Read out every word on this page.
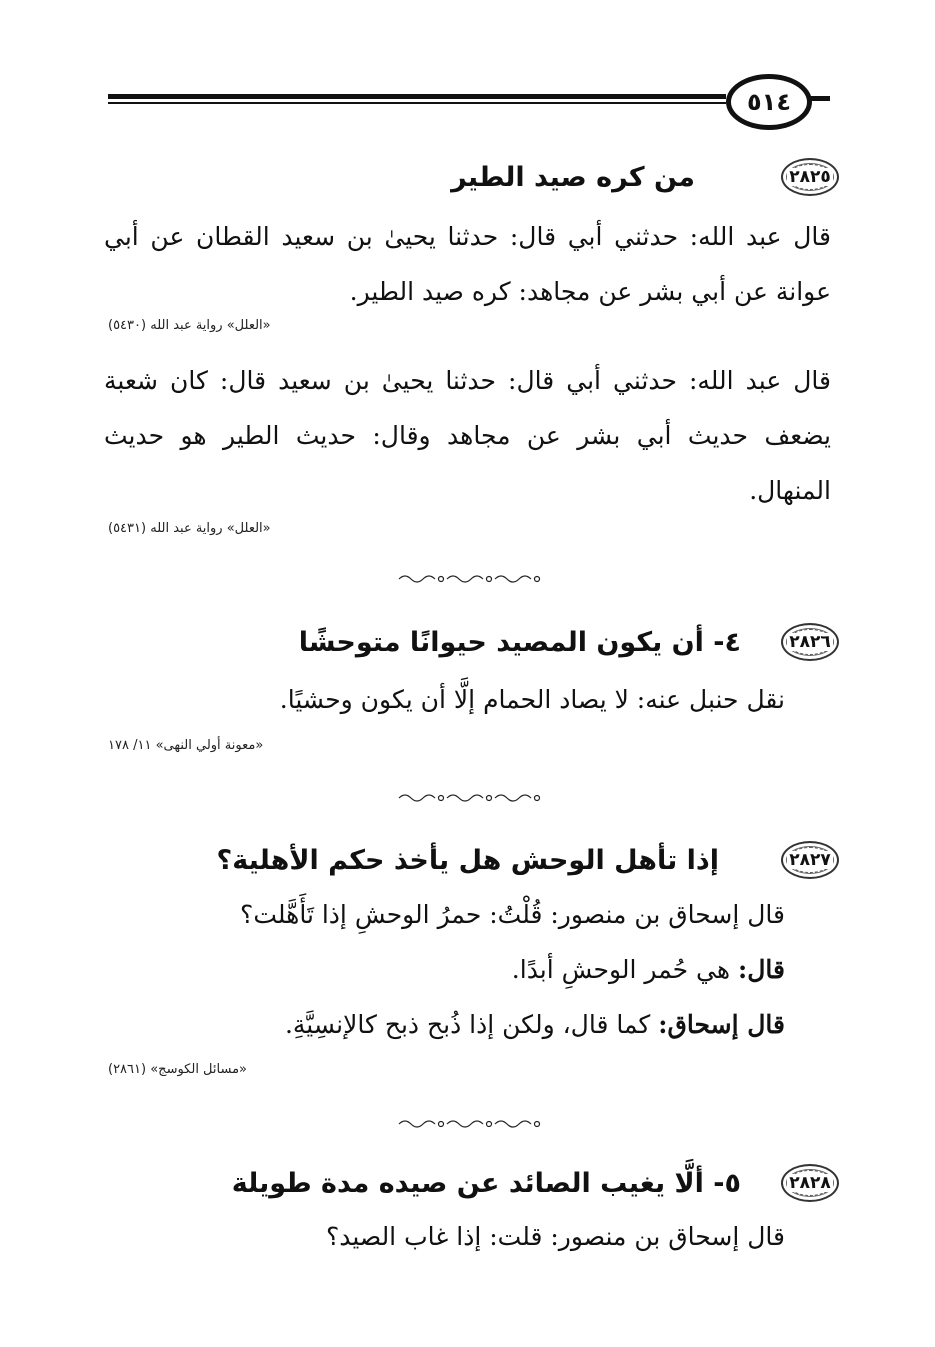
٥١٤
٢٨٢٥
من كره صيد الطير
قال عبد الله: حدثني أبي قال: حدثنا يحيىٰ بن سعيد القطان عن أبي عوانة عن أبي بشر عن مجاهد: كره صيد الطير.
«العلل» رواية عبد الله (٥٤٣٠)
قال عبد الله: حدثني أبي قال: حدثنا يحيىٰ بن سعيد قال: كان شعبة يضعف حديث أبي بشر عن مجاهد وقال: حديث الطير هو حديث المنهال.
«العلل» رواية عبد الله (٥٤٣١)
٢٨٢٦
٤- أن يكون المصيد حيوانًا متوحشًا
نقل حنبل عنه: لا يصاد الحمام إلَّا أن يكون وحشيًا.
«معونة أولي النهى» ١١/ ١٧٨
٢٨٢٧
إذا تأهل الوحش هل يأخذ حكم الأهلية؟
قال إسحاق بن منصور: قُلْتُ: حمرُ الوحشِ إذا تَأَهَّلت؟
قال: هي حُمر الوحشِ أبدًا.
قال إسحاق: كما قال، ولكن إذا ذُبح ذبح كالإنسِيَّةِ.
«مسائل الكوسج» (٢٨٦١)
٢٨٢٨
٥- ألَّا يغيب الصائد عن صيده مدة طويلة
قال إسحاق بن منصور: قلت: إذا غاب الصيد؟
